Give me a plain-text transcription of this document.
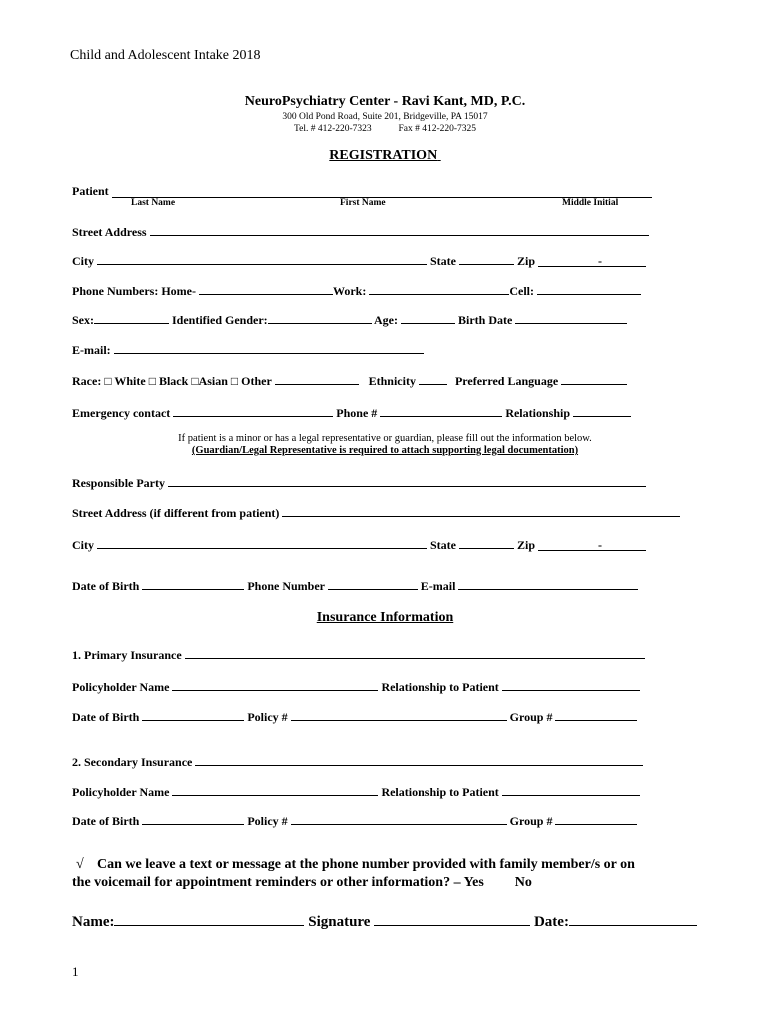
Child and Adolescent Intake 2018
NeuroPsychiatry Center - Ravi Kant, MD, P.C.
300 Old Pond Road, Suite 201, Bridgeville, PA 15017
Tel. # 412-220-7323	Fax # 412-220-7325
REGISTRATION
Patient
Last Name	First Name	Middle Initial
Street Address
City	State	Zip	-
Phone Numbers: Home-	Work:	Cell:
Sex:	Identified Gender:	Age:	Birth Date
E-mail:
Race: □ White □ Black □Asian □ Other	Ethnicity	Preferred Language
Emergency contact	Phone #	Relationship
If patient is a minor or has a legal representative or guardian, please fill out the information below.
(Guardian/Legal Representative is required to attach supporting legal documentation)
Responsible Party
Street Address (if different from patient)
City	State	Zip	-
Date of Birth	Phone Number	E-mail
Insurance Information
1. Primary Insurance
Policyholder Name	Relationship to Patient
Date of Birth	Policy #	Group #
2. Secondary Insurance
Policyholder Name	Relationship to Patient
Date of Birth	Policy #	Group #
√ Can we leave a text or message at the phone number provided with family member/s or on
the voicemail for appointment reminders or other information? – Yes No
Name:	Signature	Date:
1
